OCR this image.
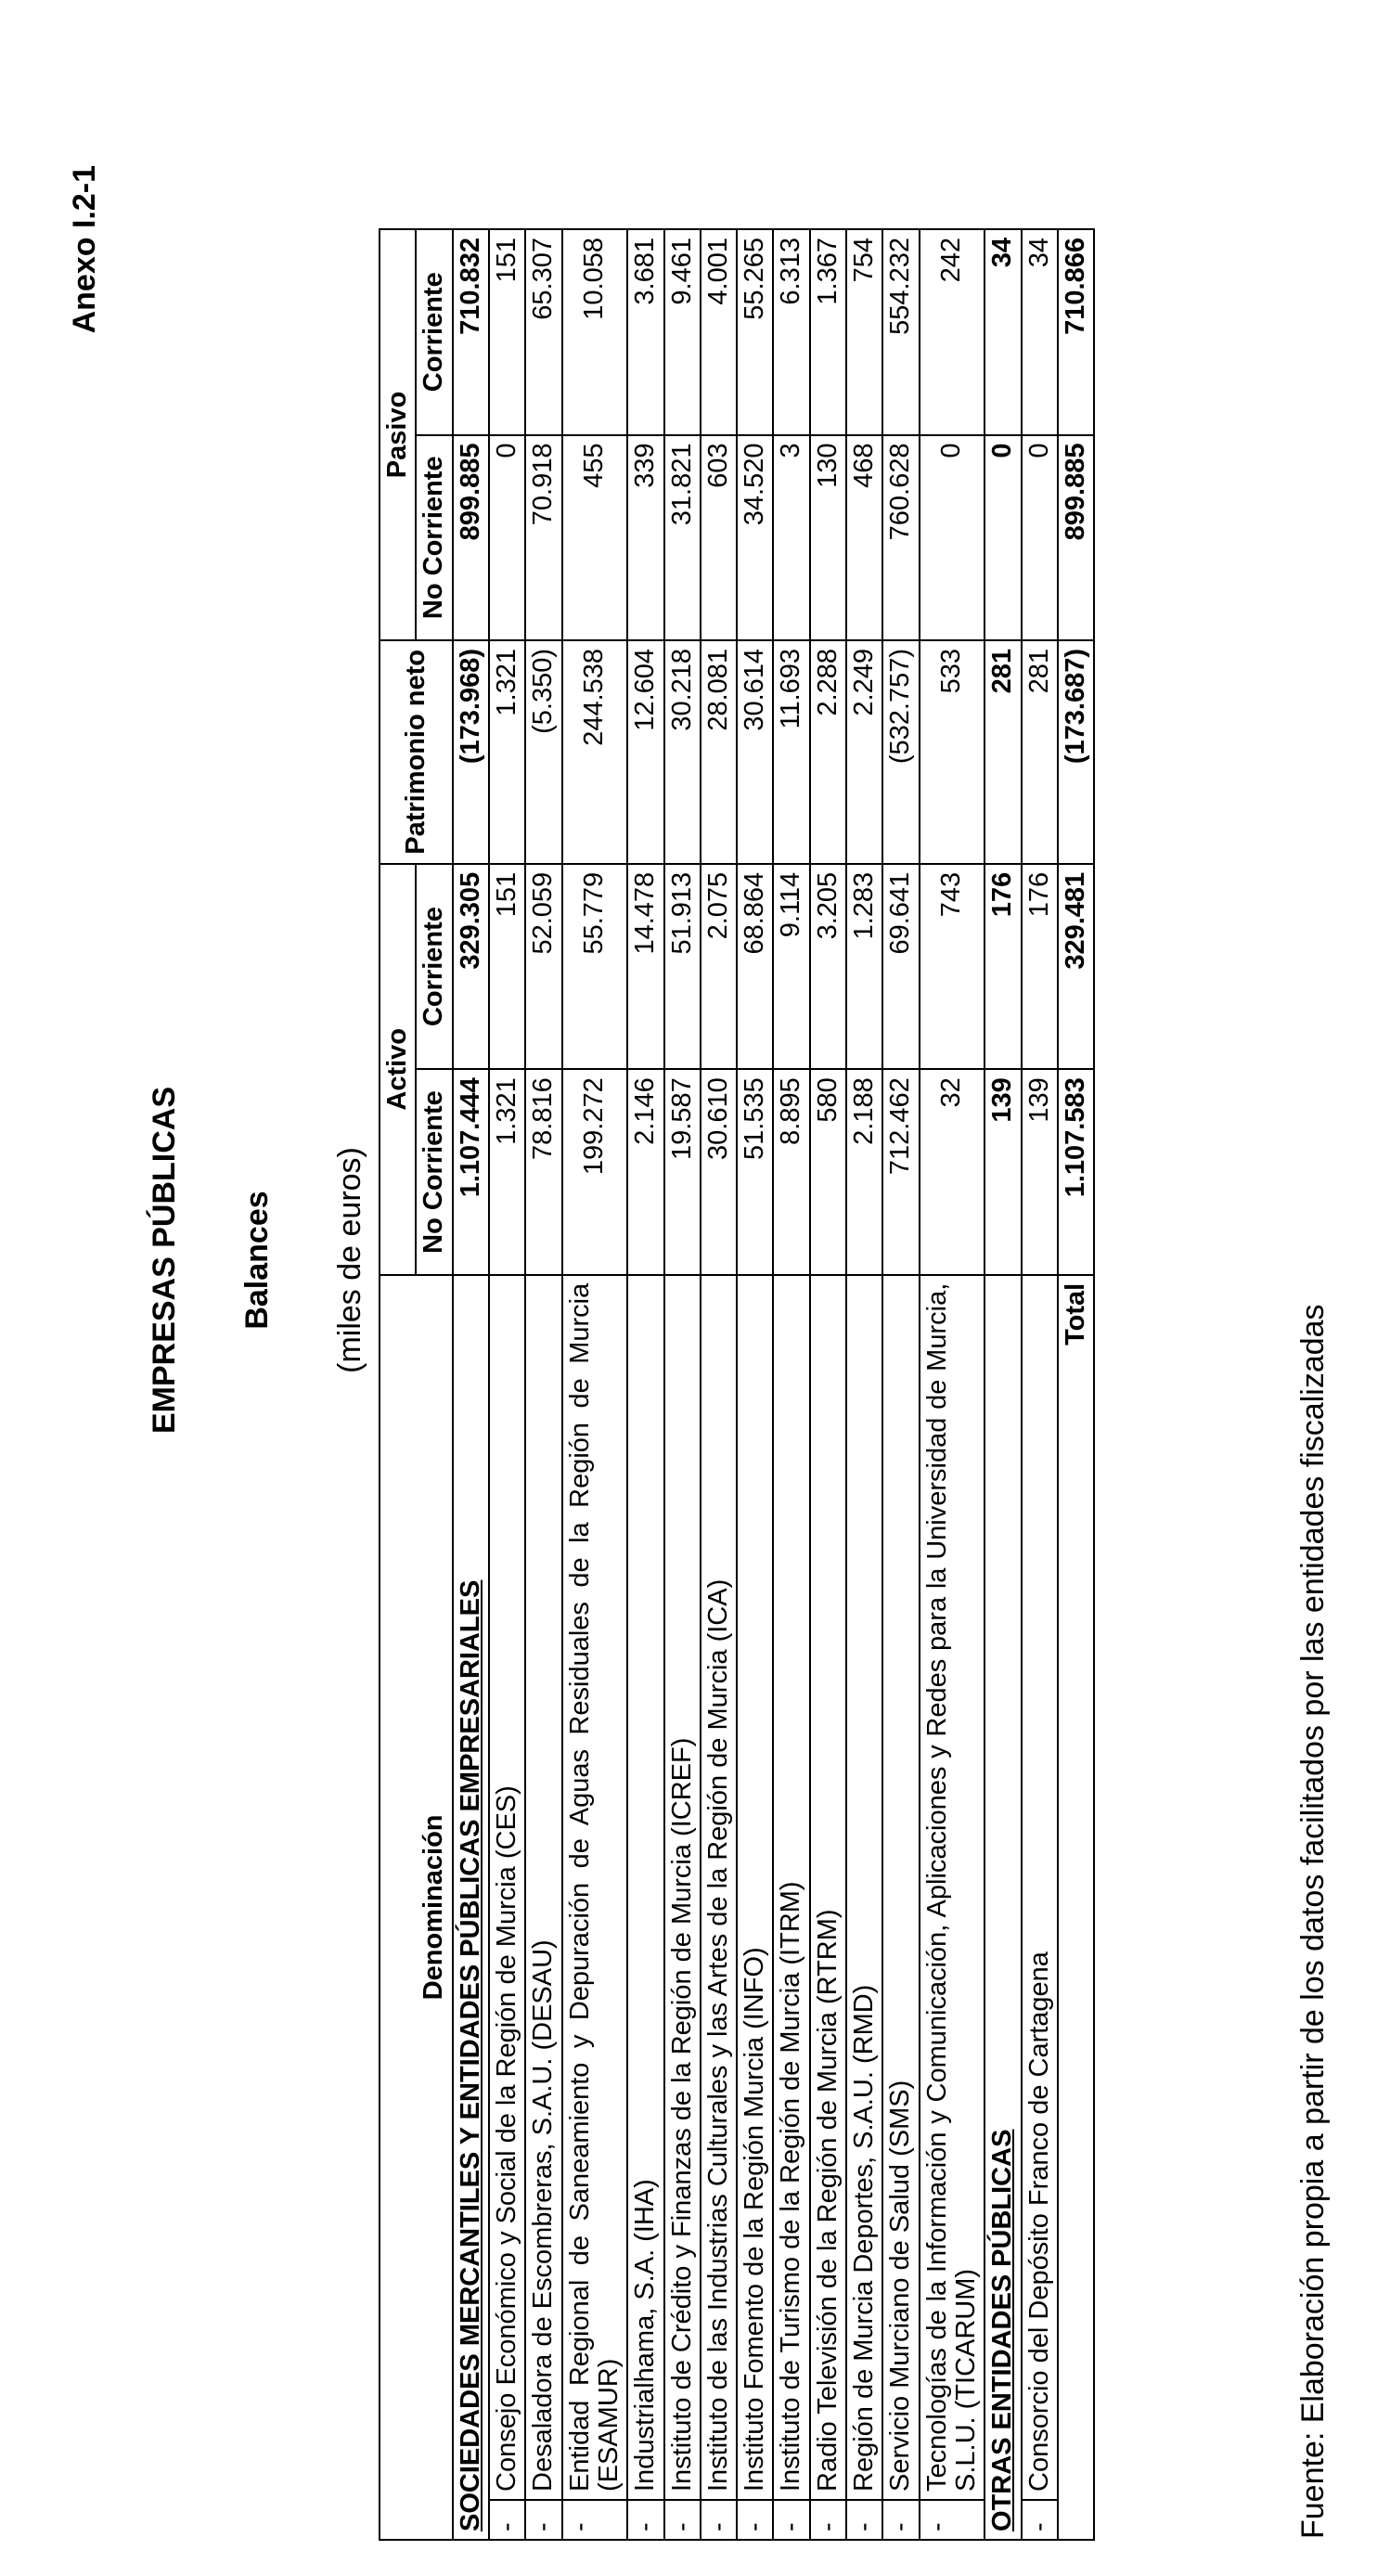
Anexo I.2-1
EMPRESAS PÚBLICAS Balances (miles de euros)
Denominación		Activo		Patrimonio neto	Pasivo	
		No Corriente	Corriente		No Corriente	Corriente
SOCIEDADES MERCANTILES Y ENTIDADES PÚBLICAS EMPRESARIALES		1.107.444	329.305	(173.968)	899.885	710.832
-	Consejo Económico y Social de la Región de Murcia (CES)	1.321	151	1.321	0	151
-	Desaladora de Escombreras, S.A.U. (DESAU)	78.816	52.059	(5.350)	70.918	65.307
-	Entidad Regional de Saneamiento y Depuración de Aguas Residuales de la Región de Murcia (ESAMUR)	199.272	55.779	244.538	455	10.058
-	Industrialhama, S.A. (IHA)	2.146	14.478	12.604	339	3.681
-	Instituto de Crédito y Finanzas de la Región de Murcia (ICREF)	19.587	51.913	30.218	31.821	9.461
-	Instituto de las Industrias Culturales y las Artes de la Región de Murcia (ICA)	30.610	2.075	28.081	603	4.001
-	Instituto Fomento de la Región Murcia (INFO)	51.535	68.864	30.614	34.520	55.265
-	Instituto de Turismo de la Región de Murcia (ITRM)	8.895	9.114	11.693	3	6.313
-	Radio Televisión de la Región de Murcia (RTRM)	580	3.205	2.288	130	1.367
-	Región de Murcia Deportes, S.A.U. (RMD)	2.188	1.283	2.249	468	754
-	Servicio Murciano de Salud (SMS)	712.462	69.641	(532.757)	760.628	554.232
-	Tecnologías de la Información y Comunicación, Aplicaciones y Redes para la Universidad de Murcia, S.L.U. (TICARUM)	32	743	533	0	242
OTRAS ENTIDADES PÚBLICAS		139	176	281	0	34
-	Consorcio del Depósito Franco de Cartagena	139	176	281	0	34
Total		1.107.583	329.481	(173.687)	899.885	710.866
Fuente: Elaboración propia a partir de los datos facilitados por las entidades fiscalizadas
